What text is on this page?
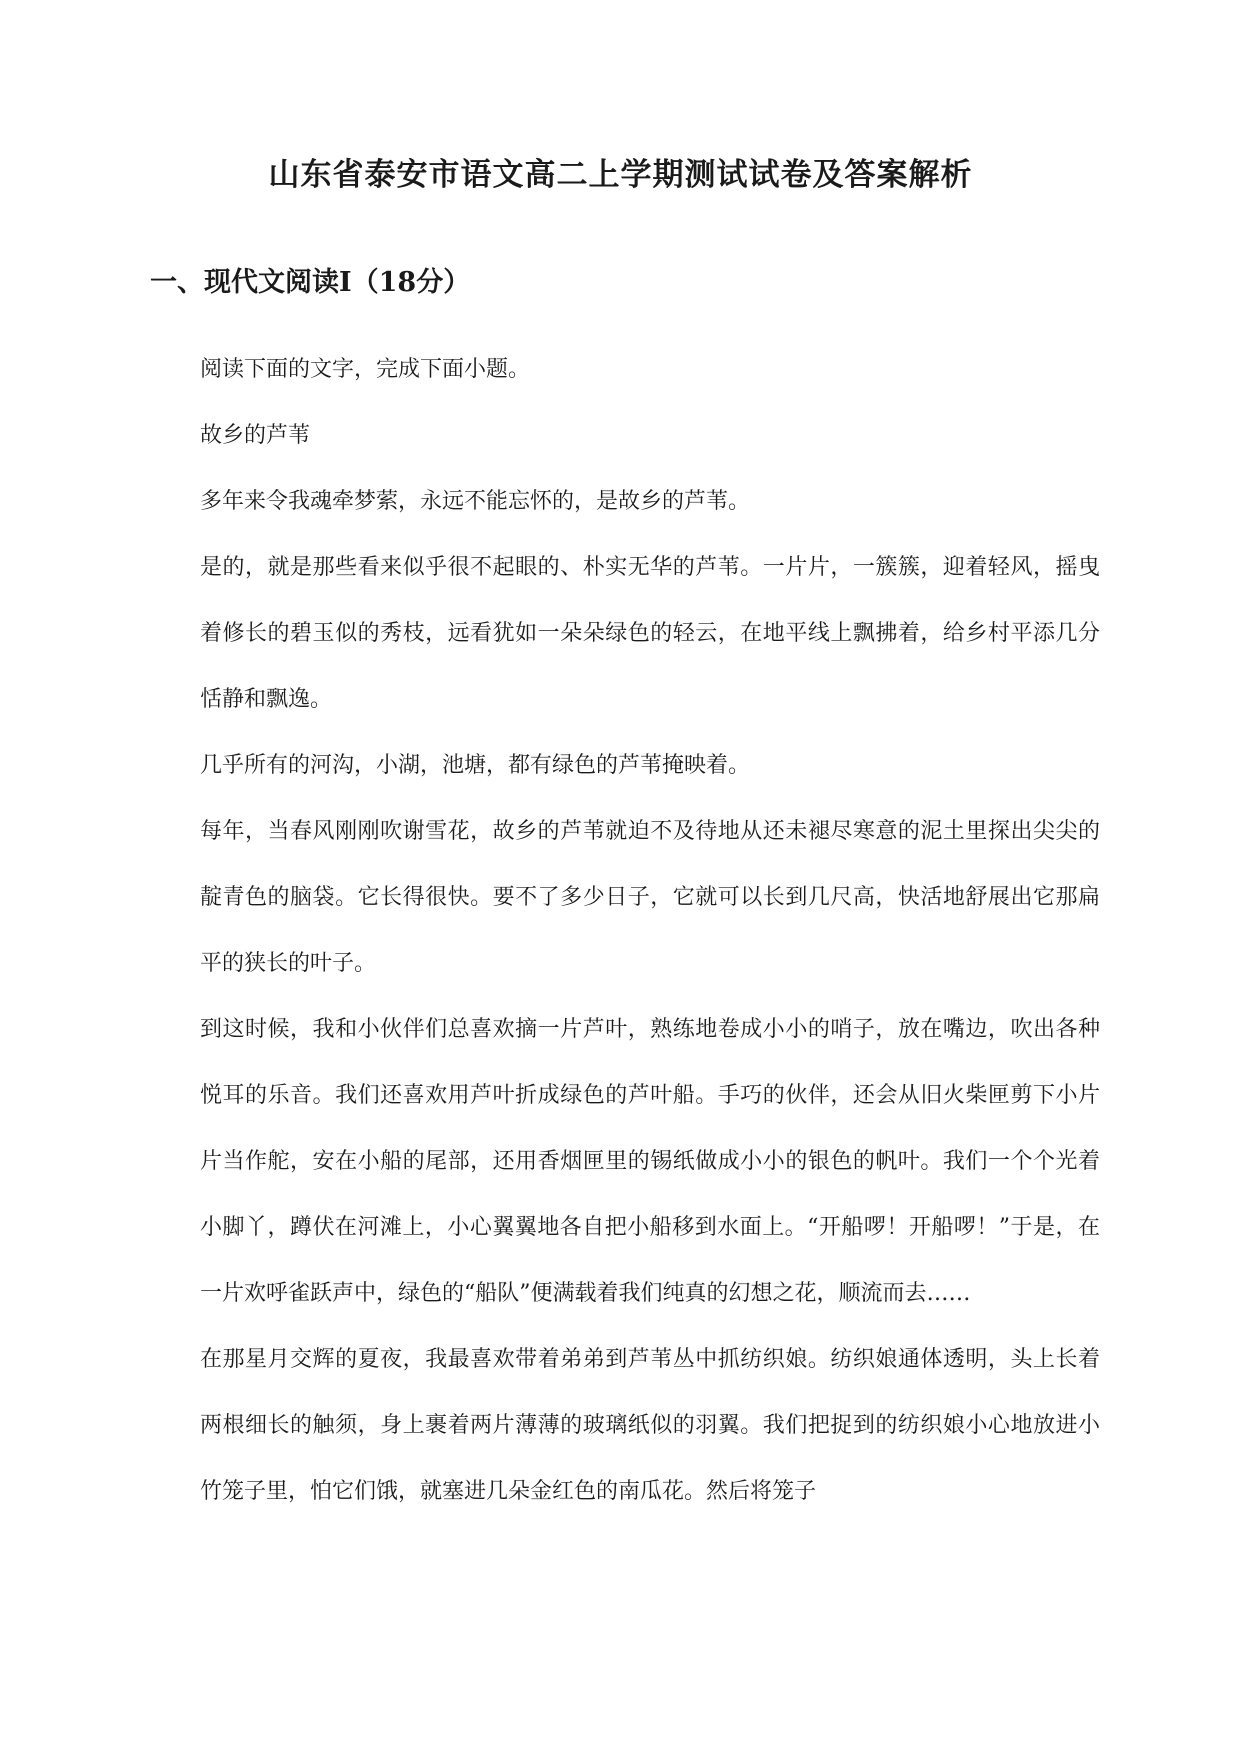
山东省泰安市语文高二上学期测试试卷及答案解析
一、现代文阅读Ⅰ（18分）

阅读下面的文字，完成下面小题。

故乡的芦苇

多年来令我魂牵梦萦，永远不能忘怀的，是故乡的芦苇。

是的，就是那些看来似乎很不起眼的、朴实无华的芦苇。一片片，一簇簇，迎着轻风，摇曳着修长的碧玉似的秀枝，远看犹如一朵朵绿色的轻云，在地平线上飘拂着，给乡村平添几分恬静和飘逸。

几乎所有的河沟，小湖，池塘，都有绿色的芦苇掩映着。

每年，当春风刚刚吹谢雪花，故乡的芦苇就迫不及待地从还未褪尽寒意的泥土里探出尖尖的靛青色的脑袋。它长得很快。要不了多少日子，它就可以长到几尺高，快活地舒展出它那扁平的狭长的叶子。

到这时候，我和小伙伴们总喜欢摘一片芦叶，熟练地卷成小小的哨子，放在嘴边，吹出各种悦耳的乐音。我们还喜欢用芦叶折成绿色的芦叶船。手巧的伙伴，还会从旧火柴匣剪下小片片当作舵，安在小船的尾部，还用香烟匣里的锡纸做成小小的银色的帆叶。我们一个个光着小脚丫，蹲伏在河滩上，小心翼翼地各自把小船移到水面上。“开船啰！开船啰！”于是，在一片欢呼雀跃声中，绿色的“船队”便满载着我们纯真的幻想之花，顺流而去……

在那星月交辉的夏夜，我最喜欢带着弟弟到芦苇丛中抓纺织娘。纺织娘通体透明，头上长着两根细长的触须，身上裹着两片薄薄的玻璃纸似的羽翼。我们把捉到的纺织娘小心地放进小竹笼子里，怕它们饿，就塞进几朵金红色的南瓜花。然后将笼子
